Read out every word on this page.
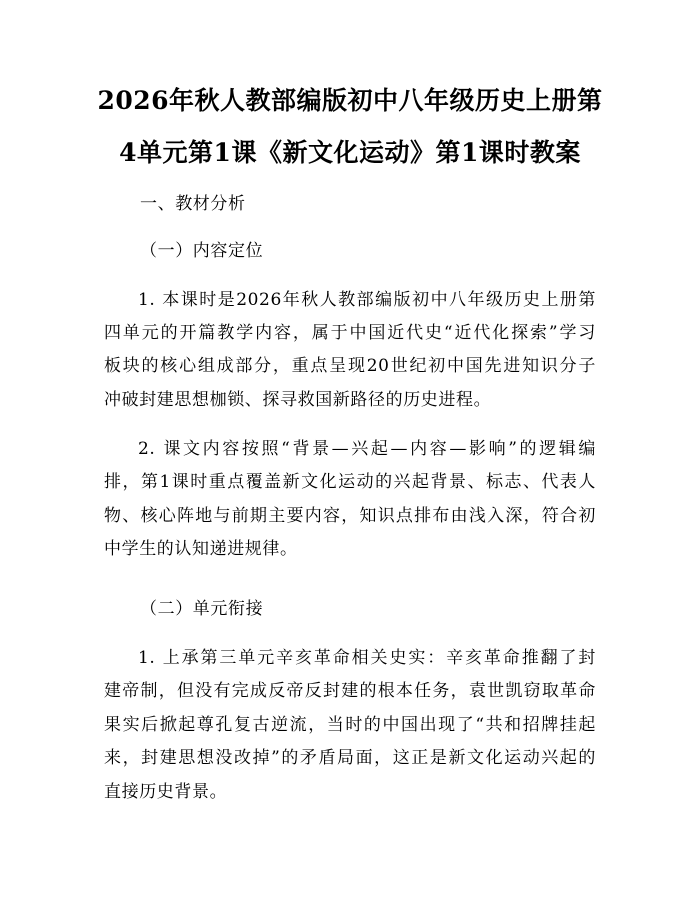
2026年秋人教部编版初中八年级历史上册第
4单元第1课《新文化运动》第1课时教案
一、教材分析
（一）内容定位
1. 本课时是2026年秋人教部编版初中八年级历史上册第
四单元的开篇教学内容，属于中国近代史“近代化探索”学习
板块的核心组成部分，重点呈现20世纪初中国先进知识分子
冲破封建思想枷锁、探寻救国新路径的历史进程。
2. 课文内容按照“背景—兴起—内容—影响”的逻辑编
排，第1课时重点覆盖新文化运动的兴起背景、标志、代表人
物、核心阵地与前期主要内容，知识点排布由浅入深，符合初
中学生的认知递进规律。
（二）单元衔接
1. 上承第三单元辛亥革命相关史实：辛亥革命推翻了封
建帝制，但没有完成反帝反封建的根本任务，袁世凯窃取革命
果实后掀起尊孔复古逆流，当时的中国出现了“共和招牌挂起
来，封建思想没改掉”的矛盾局面，这正是新文化运动兴起的
直接历史背景。
